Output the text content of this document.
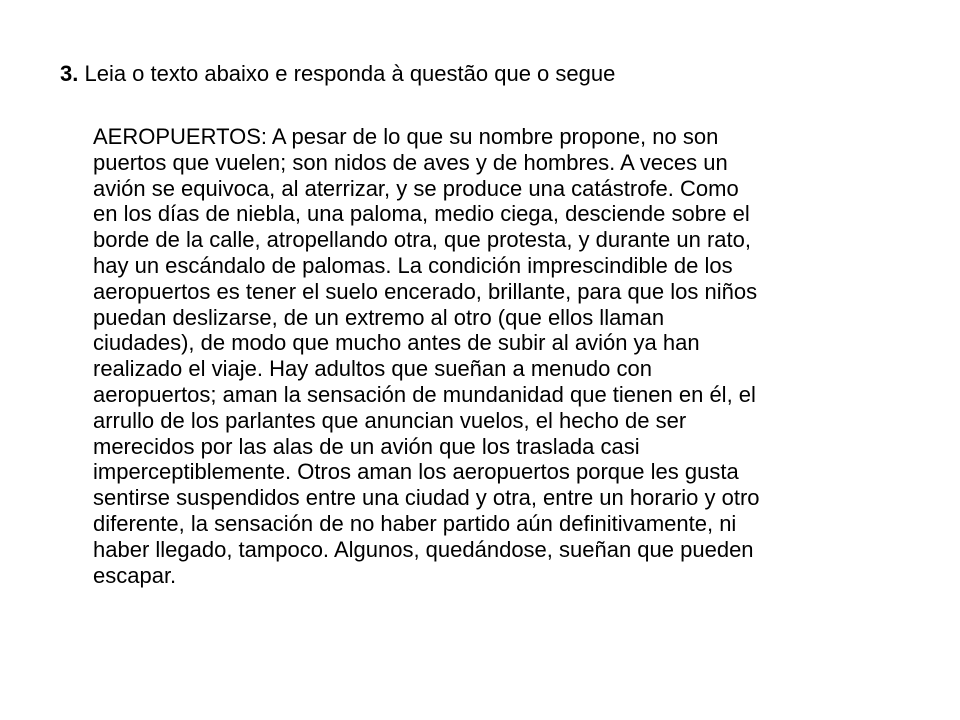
3. Leia o texto abaixo e responda à questão que o segue

AEROPUERTOS: A pesar de lo que su nombre propone, no son
puertos que vuelen; son nidos de aves y de hombres. A veces un
avión se equivoca, al aterrizar, y se produce una catástrofe. Como
en los días de niebla, una paloma, medio ciega, desciende sobre el
borde de la calle, atropellando otra, que protesta, y durante un rato,
hay un escándalo de palomas. La condición imprescindible de los
aeropuertos es tener el suelo encerado, brillante, para que los niños
puedan deslizarse, de un extremo al otro (que ellos llaman
ciudades), de modo que mucho antes de subir al avión ya han
realizado el viaje. Hay adultos que sueñan a menudo con
aeropuertos; aman la sensación de mundanidad que tienen en él, el
arrullo de los parlantes que anuncian vuelos, el hecho de ser
merecidos por las alas de un avión que los traslada casi
imperceptiblemente. Otros aman los aeropuertos porque les gusta
sentirse suspendidos entre una ciudad y otra, entre un horario y otro
diferente, la sensación de no haber partido aún definitivamente, ni
haber llegado, tampoco. Algunos, quedándose, sueñan que pueden
escapar.
